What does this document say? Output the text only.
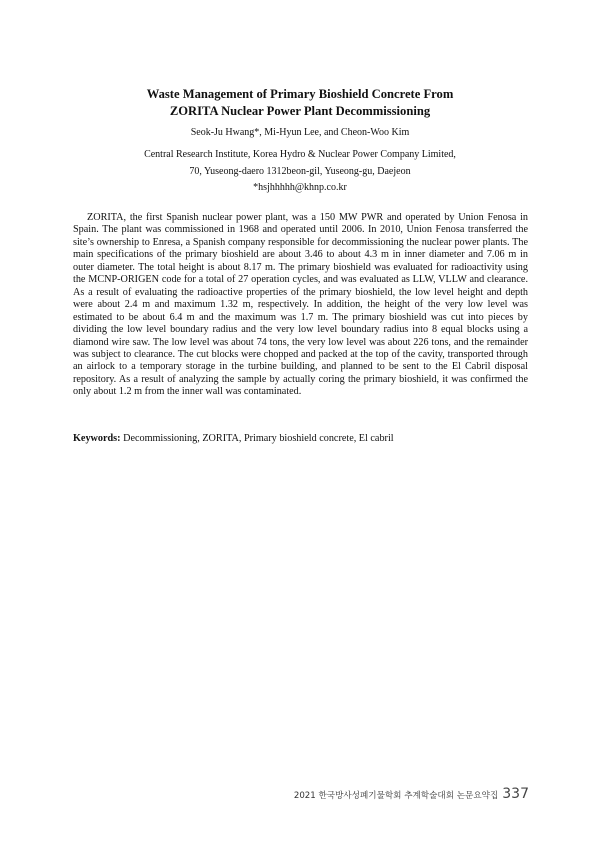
Waste Management of Primary Bioshield Concrete From
ZORITA Nuclear Power Plant Decommissioning
Seok-Ju Hwang*, Mi-Hyun Lee, and Cheon-Woo Kim
Central Research Institute, Korea Hydro & Nuclear Power Company Limited,
70, Yuseong-daero 1312beon-gil, Yuseong-gu, Daejeon
*hsjhhhhh@khnp.co.kr

ZORITA, the first Spanish nuclear power plant, was a 150 MW PWR and operated by Union Fenosa in Spain. The plant was commissioned in 1968 and operated until 2006. In 2010, Union Fenosa transferred the site’s ownership to Enresa, a Spanish company responsible for decommissioning the nuclear power plants. The main specifications of the primary bioshield are about 3.46 to about 4.3 m in inner diameter and 7.06 m in outer diameter. The total height is about 8.17 m. The primary bioshield was evaluated for radioactivity using the MCNP-ORIGEN code for a total of 27 operation cycles, and was evaluated as LLW, VLLW and clearance. As a result of evaluating the radioactive properties of the primary bioshield, the low level height and depth were about 2.4 m and maximum 1.32 m, respectively. In addition, the height of the very low level was estimated to be about 6.4 m and the maximum was 1.7 m. The primary bioshield was cut into pieces by dividing the low level boundary radius and the very low level boundary radius into 8 equal blocks using a diamond wire saw. The low level was about 74 tons, the very low level was about 226 tons, and the remainder was subject to clearance. The cut blocks were chopped and packed at the top of the cavity, transported through an airlock to a temporary storage in the turbine building, and planned to be sent to the El Cabril disposal repository. As a result of analyzing the sample by actually coring the primary bioshield, it was confirmed the only about 1.2 m from the inner wall was contaminated.

Keywords: Decommissioning, ZORITA, Primary bioshield concrete, El cabril

2021 한국방사성폐기물학회 추계학술대회 논문요약집 337
